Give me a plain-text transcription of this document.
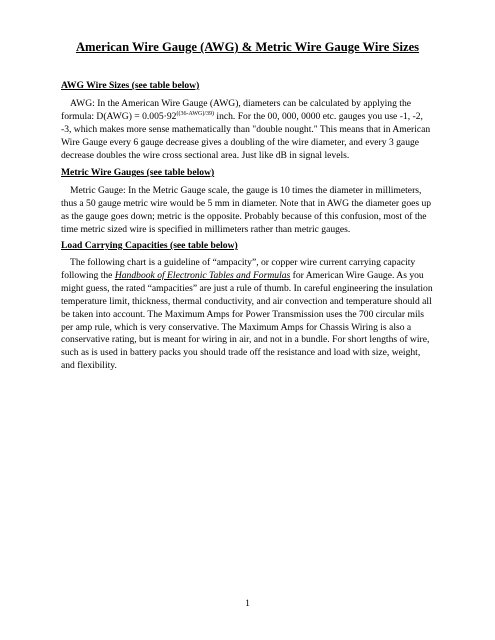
American Wire Gauge (AWG) & Metric Wire Gauge Wire Sizes
AWG Wire Sizes (see table below)

AWG: In the American Wire Gauge (AWG), diameters can be calculated by applying the formula: $D(AWG) = 0.005\cdot 92^{((36-AWG)/39)}$ inch. For the 00, 000, 0000 etc. gauges you use -1, -2, -3, which makes more sense mathematically than "double nought." This means that in American Wire Gauge every 6 gauge decrease gives a doubling of the wire diameter, and every 3 gauge decrease doubles the wire cross sectional area. Just like dB in signal levels.

Metric Wire Gauges (see table below)

Metric Gauge: In the Metric Gauge scale, the gauge is 10 times the diameter in millimeters, thus a 50 gauge metric wire would be 5 mm in diameter. Note that in AWG the diameter goes up as the gauge goes down; metric is the opposite. Probably because of this confusion, most of the time metric sized wire is specified in millimeters rather than metric gauges.

Load Carrying Capacities (see table below)

The following chart is a guideline of “ampacity”, or copper wire current carrying capacity following the Handbook of Electronic Tables and Formulas for American Wire Gauge. As you might guess, the rated “ampacities” are just a rule of thumb. In careful engineering the insulation temperature limit, thickness, thermal conductivity, and air convection and temperature should all be taken into account. The Maximum Amps for Power Transmission uses the 700 circular mils per amp rule, which is very conservative. The Maximum Amps for Chassis Wiring is also a conservative rating, but is meant for wiring in air, and not in a bundle. For short lengths of wire, such as is used in battery packs you should trade off the resistance and load with size, weight, and flexibility.

1
